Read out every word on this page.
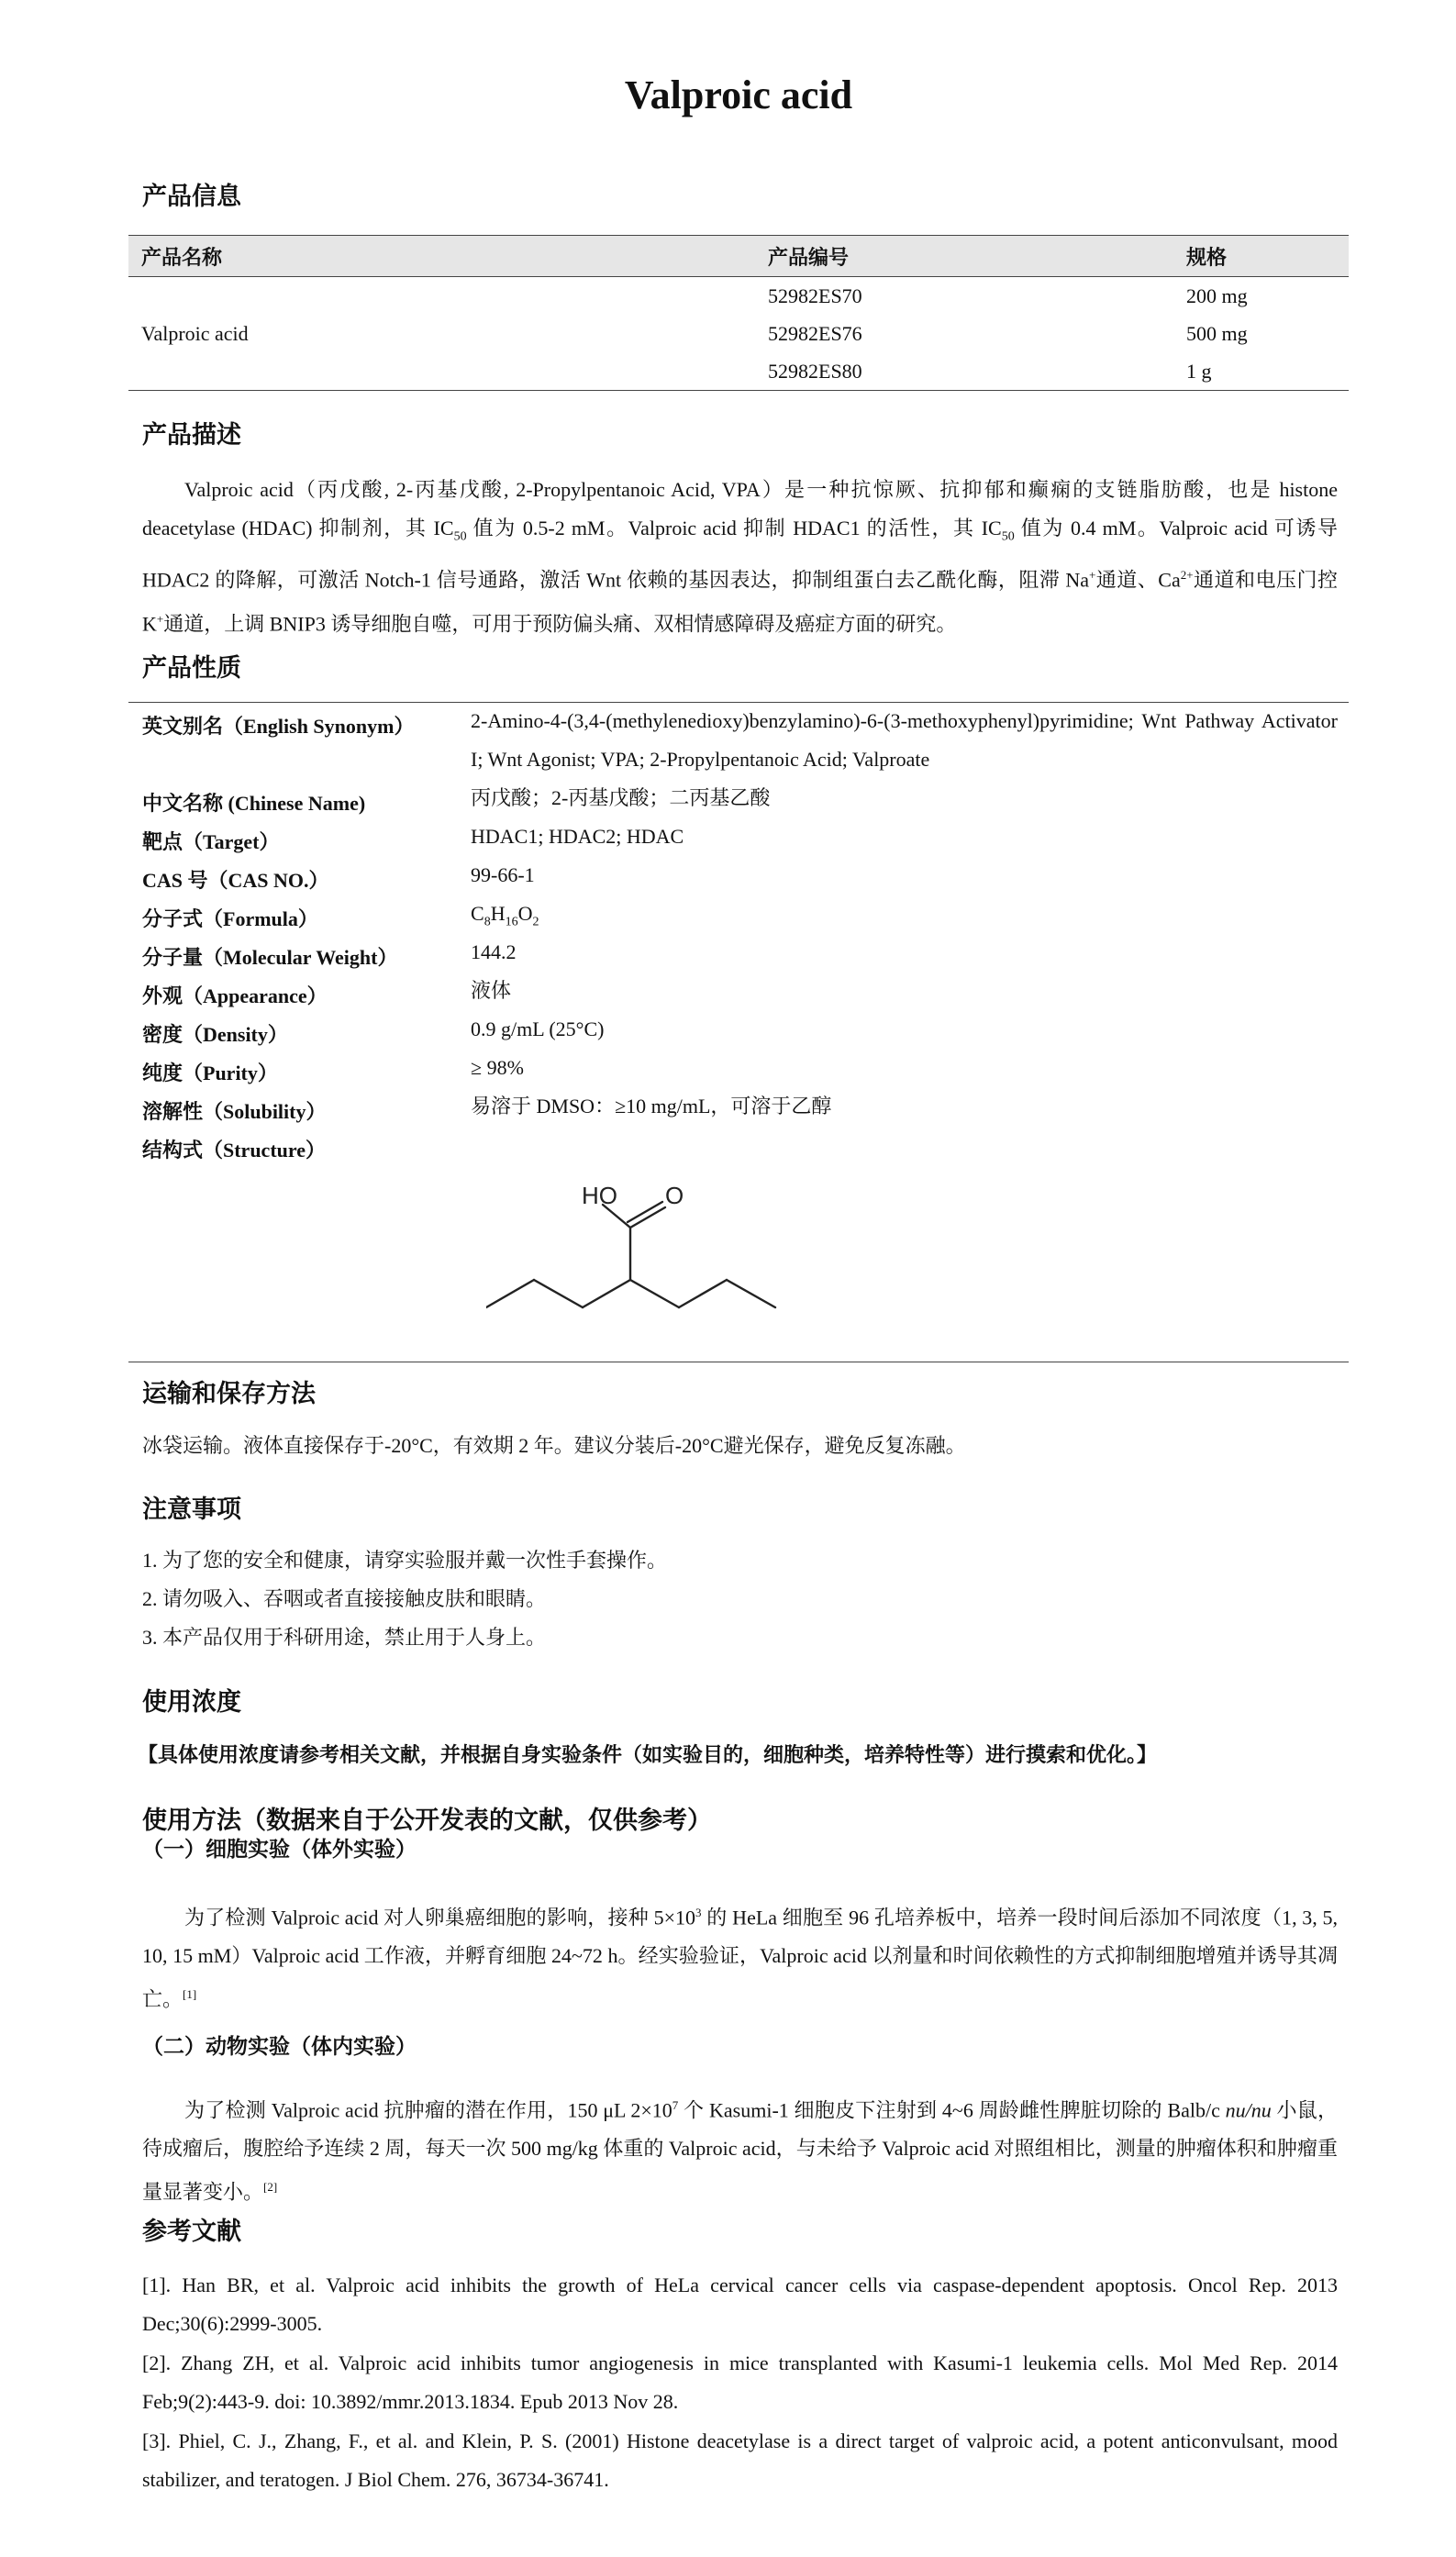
Valproic acid
产品信息
产品名称	产品编号	规格
Valproic acid	52982ES70	200 mg
	52982ES76	500 mg
	52982ES80	1 g
产品描述
Valproic acid（丙戊酸, 2-丙基戊酸, 2-Propylpentanoic Acid, VPA）是一种抗惊厥、抗抑郁和癫痫的支链脂肪酸，也是 histone deacetylase (HDAC) 抑制剂，其 $IC_{50}$ 值为 0.5-2 mM。Valproic acid 抑制 HDAC1 的活性，其 $IC_{50}$ 值为 0.4 mM。Valproic acid 可诱导 HDAC2 的降解，可激活 Notch-1 信号通路，激活 Wnt 依赖的基因表达，抑制组蛋白去乙酰化酶，阻滞 Na+通道、$Ca^{2+}$通道和电压门控 K+通道，上调 BNIP3 诱导细胞自噬，可用于预防偏头痛、双相情感障碍及癌症方面的研究。
产品性质
英文别名（English Synonym）	2-Amino-4-(3,4-(methylenedioxy)benzylamino)-6-(3-methoxyphenyl)pyrimidine; Wnt Pathway Activator I; Wnt Agonist; VPA; 2-Propylpentanoic Acid; Valproate
中文名称 (Chinese Name)	丙戊酸；2-丙基戊酸；二丙基乙酸
靶点（Target）	HDAC1; HDAC2; HDAC
CAS 号（CAS NO.）	99-66-1
分子式（Formula）	$C_8H_{16}O_2$
分子量（Molecular Weight）	144.2
外观（Appearance）	液体
密度（Density）	0.9 g/mL (25°C)
纯度（Purity）	≥ 98%
溶解性（Solubility）	易溶于 DMSO：≥10 mg/mL，可溶于乙醇
结构式（Structure）
HO O
运输和保存方法
冰袋运输。液体直接保存于-20°C，有效期 2 年。建议分装后-20°C避光保存，避免反复冻融。
注意事项
1. 为了您的安全和健康，请穿实验服并戴一次性手套操作。
2. 请勿吸入、吞咽或者直接接触皮肤和眼睛。
3. 本产品仅用于科研用途，禁止用于人身上。
使用浓度
【具体使用浓度请参考相关文献，并根据自身实验条件（如实验目的，细胞种类，培养特性等）进行摸索和优化。】
使用方法（数据来自于公开发表的文献，仅供参考）
（一）细胞实验（体外实验）
为了检测 Valproic acid 对人卵巢癌细胞的影响，接种 $5\times 10^3$ 的 HeLa 细胞至 96 孔培养板中，培养一段时间后添加不同浓度（1, 3, 5, 10, 15 mM）Valproic acid 工作液，并孵育细胞 24~72 h。经实验验证，Valproic acid 以剂量和时间依赖性的方式抑制细胞增殖并诱导其凋亡。[1]
（二）动物实验（体内实验）
为了检测 Valproic acid 抗肿瘤的潜在作用，150 μL $2\times 10^7$ 个 Kasumi-1 细胞皮下注射到 4~6 周龄雌性脾脏切除的 Balb/c nu/nu 小鼠，待成瘤后，腹腔给予连续 2 周，每天一次 500 mg/kg 体重的 Valproic acid，与未给予 Valproic acid 对照组相比，测量的肿瘤体积和肿瘤重量显著变小。[2]
参考文献
[1]. Han BR, et al. Valproic acid inhibits the growth of HeLa cervical cancer cells via caspase-dependent apoptosis. Oncol Rep. 2013 Dec;30(6):2999-3005.
[2]. Zhang ZH, et al. Valproic acid inhibits tumor angiogenesis in mice transplanted with Kasumi-1 leukemia cells. Mol Med Rep. 2014 Feb;9(2):443-9. doi: 10.3892/mmr.2013.1834. Epub 2013 Nov 28.
[3]. Phiel, C. J., Zhang, F., et al. and Klein, P. S. (2001) Histone deacetylase is a direct target of valproic acid, a potent anticonvulsant, mood stabilizer, and teratogen. J Biol Chem. 276, 36734-36741.
